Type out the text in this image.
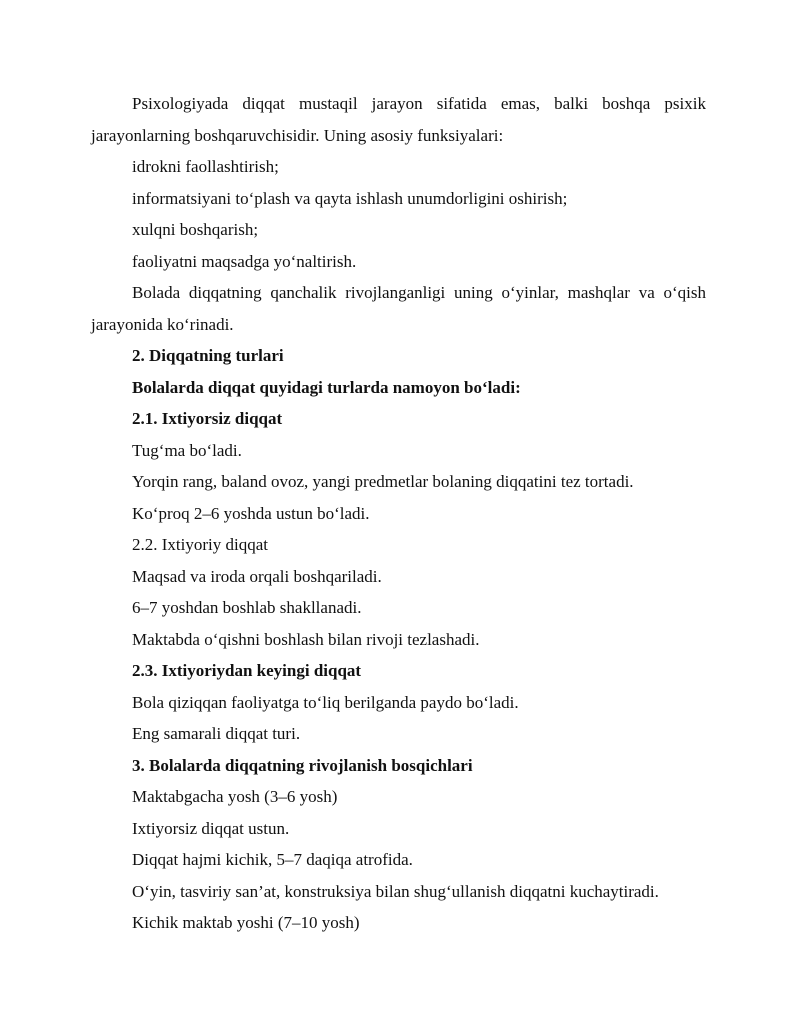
Psixologiyada diqqat mustaqil jarayon sifatida emas, balki boshqa psixik
jarayonlarning boshqaruvchisidir. Uning asosiy funksiyalari:
idrokni faollashtirish;
informatsiyani to‘plash va qayta ishlash unumdorligini oshirish;
xulqni boshqarish;
faoliyatni maqsadga yo‘naltirish.
Bolada diqqatning qanchalik rivojlanganligi uning o‘yinlar, mashqlar va o‘qish
jarayonida ko‘rinadi.
2. Diqqatning turlari
Bolalarda diqqat quyidagi turlarda namoyon bo‘ladi:
2.1. Ixtiyorsiz diqqat
Tug‘ma bo‘ladi.
Yorqin rang, baland ovoz, yangi predmetlar bolaning diqqatini tez tortadi.
Ko‘proq 2–6 yoshda ustun bo‘ladi.
2.2. Ixtiyoriy diqqat
Maqsad va iroda orqali boshqariladi.
6–7 yoshdan boshlab shakllanadi.
Maktabda o‘qishni boshlash bilan rivoji tezlashadi.
2.3. Ixtiyoriydan keyingi diqqat
Bola qiziqqan faoliyatga to‘liq berilganda paydo bo‘ladi.
Eng samarali diqqat turi.
3. Bolalarda diqqatning rivojlanish bosqichlari
Maktabgacha yosh (3–6 yosh)
Ixtiyorsiz diqqat ustun.
Diqqat hajmi kichik, 5–7 daqiqa atrofida.
O‘yin, tasviriy san’at, konstruksiya bilan shug‘ullanish diqqatni kuchaytiradi.
Kichik maktab yoshi (7–10 yosh)
